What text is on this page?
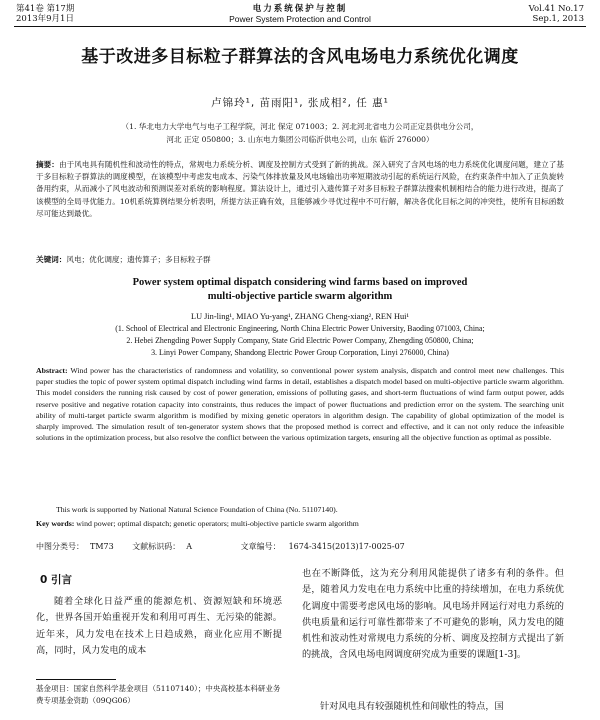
第41卷 第17期
2013年9月1日
电力系统保护与控制
Power System Protection and Control
Vol.41 No.17
Sep.1, 2013
基于改进多目标粒子群算法的含风电场电力系统优化调度
卢锦玲¹, 苗雨阳¹, 张成相², 任 惠¹
（1. 华北电力大学电气与电子工程学院，河北 保定 071003；2. 河北河北省电力公司正定县供电分公司，
河北 正定 050800；3. 山东电力集团公司临沂供电公司，山东 临沂 276000）
摘要：由于风电具有随机性和波动性的特点，常规电力系统分析、调度及控制方式受到了新的挑战。深入研究了含风电场的电力系统优化调度问题，建立了基于多目标粒子群算法的调度模型，在该模型中考虑发电成本、污染气体排放量及风电场输出功率短期波动引起的系统运行风险，在约束条件中加入了正负旋转备用约束，从而减小了风电波动和预测误差对系统的影响程度。算法设计上，通过引入遗传算子对多目标粒子群算法搜索机制相结合的能力进行改进，提高了该模型的全局寻优能力。10机系统算例结果分析表明，所提方法正确有效，且能够减少寻优过程中不可行解，解决各优化目标之间的冲突性，使所有目标函数尽可能达到最优。
关键词：风电；优化调度；遗传算子；多目标粒子群
Power system optimal dispatch considering wind farms based on improved
multi-objective particle swarm algorithm
LU Jin-ling¹, MIAO Yu-yang¹, ZHANG Cheng-xiang², REN Hui¹
(1. School of Electrical and Electronic Engineering, North China Electric Power University, Baoding 071003, China;
2. Hebei Zhengding Power Supply Company, State Grid Electric Power Company, Zhengding 050800, China;
3. Linyi Power Company, Shandong Electric Power Group Corporation, Linyi 276000, China)
Abstract: Wind power has the characteristics of randomness and volatility, so conventional power system analysis, dispatch and control meet new challenges. This paper studies the topic of power system optimal dispatch including wind farms in detail, establishes a dispatch model based on multi-objective particle swarm algorithm. This model considers the running risk caused by cost of power generation, emissions of polluting gases, and short-term fluctuations of wind farm output power, adds reserve positive and negative rotation capacity into constraints, thus reduces the impact of power fluctuations and prediction error on the system. The searching unit ability of multi-target particle swarm algorithm is modified by mixing genetic operators in algorithm design. The capability of global optimization of the model is sharply improved. The simulation result of ten-generator system shows that the proposed method is correct and effective, and it can not only reduce the infeasible solutions in the optimization process, but also resolve the conflict between the various optimization targets, ensuring all the objective function as optimal as possible.
This work is supported by National Natural Science Foundation of China (No. 51107140).
Key words: wind power; optimal dispatch; genetic operators; multi-objective particle swarm algorithm
中图分类号： TM73 文献标识码： A	文章编号： 1674-3415(2013)17-0025-07
0 引言
随着全球化日益严重的能源危机、资源短缺和环境恶化，世界各国开始重视开发和利用可再生、无污染的能源。近年来，风力发电在技术上日趋成熟，商业化应用不断提高，同时，风力发电的成本
基金项目：国家自然科学基金项目（51107140）；中央高校基本科研业务费专项基金资助（09QG06）
也在不断降低，这为充分利用风能提供了诸多有利的条件。但是，随着风力发电在电力系统中比重的持续增加，在电力系统优化调度中需要考虑风电场的影响。风电场并网运行对电力系统的供电质量和运行可靠性都带来了不可避免的影响，风力发电的随机性和波动性对常规电力系统的分析、调度及控制方式提出了新的挑战，含风电场电网调度研究成为重要的课题[1-3]。
针对风电具有较强随机性和间歇性的特点，国
